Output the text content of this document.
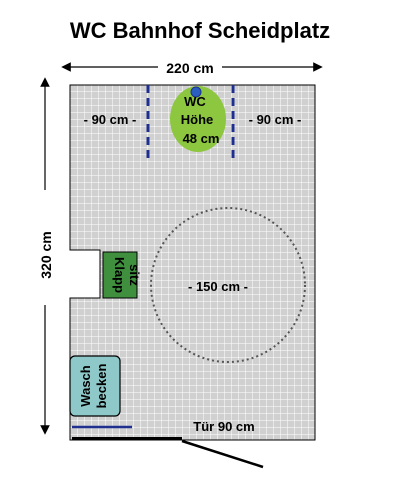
WC Bahnhof Scheidplatz
220 cm
320 cm
- 90 cm -	- 90 cm -
WC
Höhe
48 cm
- 150 cm -
Klapp sitz
Wasch becken
Tür 90 cm
